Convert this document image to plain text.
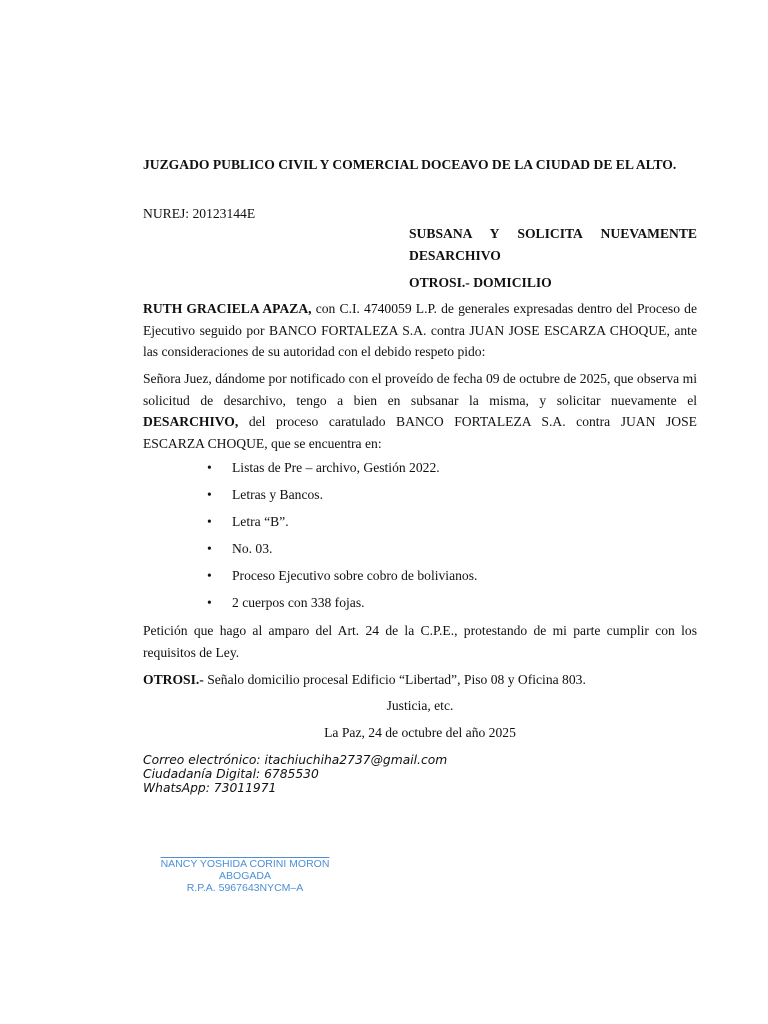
JUZGADO PUBLICO CIVIL Y COMERCIAL DOCEAVO DE LA CIUDAD DE EL ALTO.
NUREJ: 20123144E
SUBSANA Y SOLICITA NUEVAMENTE DESARCHIVO
OTROSI.- DOMICILIO
RUTH GRACIELA APAZA, con C.I. 4740059 L.P. de generales expresadas dentro del Proceso de Ejecutivo seguido por BANCO FORTALEZA S.A. contra JUAN JOSE ESCARZA CHOQUE, ante las consideraciones de su autoridad con el debido respeto pido:
Señora Juez, dándome por notificado con el proveído de fecha 09 de octubre de 2025, que observa mi solicitud de desarchivo, tengo a bien en subsanar la misma, y solicitar nuevamente el DESARCHIVO, del proceso caratulado BANCO FORTALEZA S.A. contra JUAN JOSE ESCARZA CHOQUE, que se encuentra en:
• Listas de Pre – archivo, Gestión 2022.
• Letras y Bancos.
• Letra “B”.
• No. 03.
• Proceso Ejecutivo sobre cobro de bolivianos.
• 2 cuerpos con 338 fojas.
Petición que hago al amparo del Art. 24 de la C.P.E., protestando de mi parte cumplir con los requisitos de Ley.
OTROSI.- Señalo domicilio procesal Edificio “Libertad”, Piso 08 y Oficina 803.
Justicia, etc.
La Paz, 24 de octubre del año 2025
Correo electrónico: itachiuchiha2737@gmail.com
Ciudadanía Digital: 6785530
WhatsApp: 73011971
NANCY YOSHIDA CORINI MORON
ABOGADA
R.P.A. 5967643NYCM–A
